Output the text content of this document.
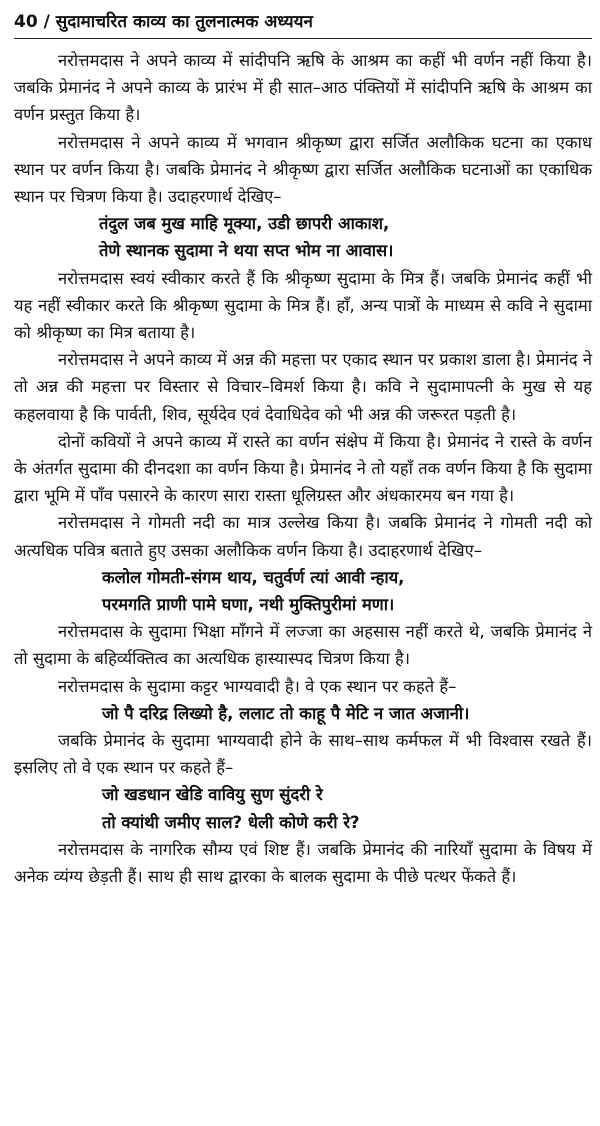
40 / सुदामाचरित काव्य का तुलनात्मक अध्ययन

नरोत्तमदास ने अपने काव्य में सांदीपनि ऋषि के आश्रम का कहीं भी वर्णन नहीं किया है। जबकि प्रेमानंद ने अपने काव्य के प्रारंभ में ही सात–आठ पंक्तियों में सांदीपनि ऋषि के आश्रम का वर्णन प्रस्तुत किया है।

नरोत्तमदास ने अपने काव्य में भगवान श्रीकृष्ण द्वारा सर्जित अलौकिक घटना का एकाध स्थान पर वर्णन किया है। जबकि प्रेमानंद ने श्रीकृष्ण द्वारा सर्जित अलौकिक घटनाओं का एकाधिक स्थान पर चित्रण किया है। उदाहरणार्थ देखिए–

तंदुल जब मुख माहि मूक्या, उडी छापरी आकाश,

तेणे स्थानक सुदामा ने थया सप्त भोम ना आवास।

नरोत्तमदास स्वयं स्वीकार करते हैं कि श्रीकृष्ण सुदामा के मित्र हैं। जबकि प्रेमानंद कहीं भी यह नहीं स्वीकार करते कि श्रीकृष्ण सुदामा के मित्र हैं। हाँ, अन्य पात्रों के माध्यम से कवि ने सुदामा को श्रीकृष्ण का मित्र बताया है।

नरोत्तमदास ने अपने काव्य में अन्न की महत्ता पर एकाद स्थान पर प्रकाश डाला है। प्रेमानंद ने तो अन्न की महत्ता पर विस्तार से विचार–विमर्श किया है। कवि ने सुदामापत्नी के मुख से यह कहलवाया है कि पार्वती, शिव, सूर्यदेव एवं देवाधिदेव को भी अन्न की जरूरत पड़ती है।

दोनों कवियों ने अपने काव्य में रास्ते का वर्णन संक्षेप में किया है। प्रेमानंद ने रास्ते के वर्णन के अंतर्गत सुदामा की दीनदशा का वर्णन किया है। प्रेमानंद ने तो यहाँ तक वर्णन किया है कि सुदामा द्वारा भूमि में पाँव पसारने के कारण सारा रास्ता धूलिग्रस्त और अंधकारमय बन गया है।

नरोत्तमदास ने गोमती नदी का मात्र उल्लेख किया है। जबकि प्रेमानंद ने गोमती नदी को अत्यधिक पवित्र बताते हुए उसका अलौकिक वर्णन किया है। उदाहरणार्थ देखिए–

कलोल गोमती-संगम थाय, चतुर्वर्ण त्यां आवी न्हाय,

परमगति प्राणी पामे घणा, नथी मुक्तिपुरीमां मणा।

नरोत्तमदास के सुदामा भिक्षा माँगने में लज्जा का अहसास नहीं करते थे, जबकि प्रेमानंद ने तो सुदामा के बहिर्व्यक्तित्व का अत्यधिक हास्यास्पद चित्रण किया है।

नरोत्तमदास के सुदामा कट्टर भाग्यवादी है। वे एक स्थान पर कहते हैं–

जो पै दरिद्र लिख्यो है, ललाट तो काहू पै मेटि न जात अजानी।

जबकि प्रेमानंद के सुदामा भाग्यवादी होने के साथ–साथ कर्मफल में भी विश्वास रखते हैं। इसलिए तो वे एक स्थान पर कहते हैं–

जो खडधान खेडि वावियु सुण सुंदरी रे

तो क्यांथी जमीए साल? धेली कोणे करी रे?

नरोत्तमदास के नागरिक सौम्य एवं शिष्ट हैं। जबकि प्रेमानंद की नारियाँ सुदामा के विषय में अनेक व्यंग्य छेड़ती हैं। साथ ही साथ द्वारका के बालक सुदामा के पीछे पत्थर फेंकते हैं।
